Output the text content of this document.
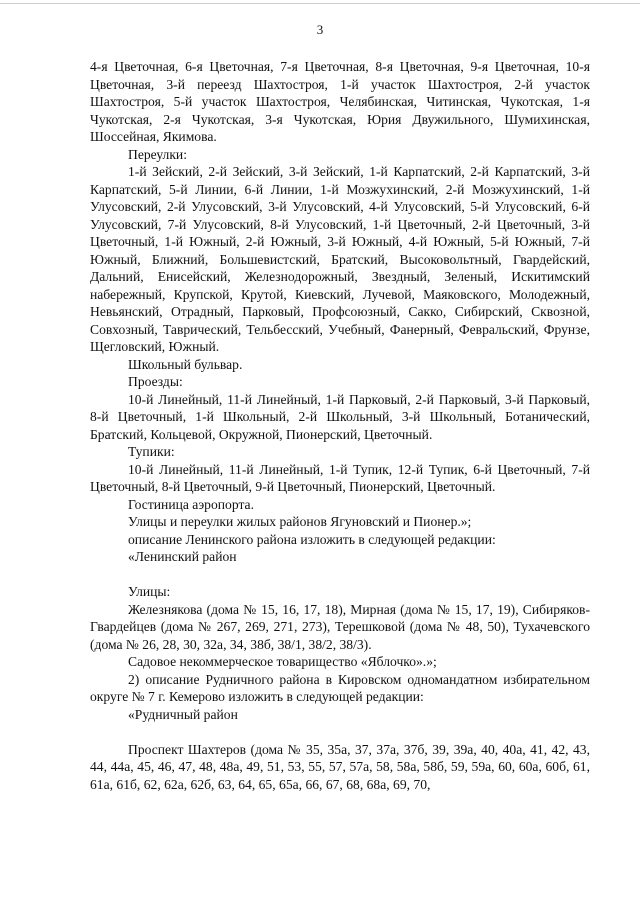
3

4-я Цветочная, 6-я Цветочная, 7-я Цветочная, 8-я Цветочная, 9-я Цветочная, 10-я Цветочная, 3-й переезд Шахтостроя, 1-й участок Шахтостроя, 2-й участок Шахтостроя, 5-й участок Шахтостроя, Челябинская, Читинская, Чукотская, 1-я Чукотская, 2-я Чукотская, 3-я Чукотская, Юрия Двужильного, Шумихинская, Шоссейная, Якимова.

Переулки:

1-й Зейский, 2-й Зейский, 3-й Зейский, 1-й Карпатский, 2-й Карпатский, 3-й Карпатский, 5-й Линии, 6-й Линии, 1-й Мозжухинский, 2-й Мозжухинский, 1-й Улусовский, 2-й Улусовский, 3-й Улусовский, 4-й Улусовский, 5-й Улусовский, 6-й Улусовский, 7-й Улусовский, 8-й Улусовский, 1-й Цветочный, 2-й Цветочный, 3-й Цветочный, 1-й Южный, 2-й Южный, 3-й Южный, 4-й Южный, 5-й Южный, 7-й Южный, Ближний, Большевистский, Братский, Высоковольтный, Гвардейский, Дальний, Енисейский, Железнодорожный, Звездный, Зеленый, Искитимский набережный, Крупской, Крутой, Киевский, Лучевой, Маяковского, Молодежный, Невьянский, Отрадный, Парковый, Профсоюзный, Сакко, Сибирский, Сквозной, Совхозный, Таврический, Тельбесский, Учебный, Фанерный, Февральский, Фрунзе, Щегловский, Южный.

Школьный бульвар.

Проезды:

10-й Линейный, 11-й Линейный, 1-й Парковый, 2-й Парковый, 3-й Парковый, 8-й Цветочный, 1-й Школьный, 2-й Школьный, 3-й Школьный, Ботанический, Братский, Кольцевой, Окружной, Пионерский, Цветочный.

Тупики:

10-й Линейный, 11-й Линейный, 1-й Тупик, 12-й Тупик, 6-й Цветочный, 7-й Цветочный, 8-й Цветочный, 9-й Цветочный, Пионерский, Цветочный.

Гостиница аэропорта.

Улицы и переулки жилых районов Ягуновский и Пионер.»;

описание Ленинского района изложить в следующей редакции:

«Ленинский район

Улицы:

Железнякова (дома № 15, 16, 17, 18), Мирная (дома № 15, 17, 19), Сибиряков-Гвардейцев (дома № 267, 269, 271, 273), Терешковой (дома № 48, 50), Тухачевского (дома № 26, 28, 30, 32а, 34, 38б, 38/1, 38/2, 38/3).

Садовое некоммерческое товарищество «Яблочко».»;

2) описание Рудничного района в Кировском одномандатном избирательном округе № 7 г. Кемерово изложить в следующей редакции:

«Рудничный район

Проспект Шахтеров (дома № 35, 35а, 37, 37а, 37б, 39, 39а, 40, 40а, 41, 42, 43, 44, 44а, 45, 46, 47, 48, 48а, 49, 51, 53, 55, 57, 57а, 58, 58а, 58б, 59, 59а, 60, 60а, 60б, 61, 61а, 61б, 62, 62а, 62б, 63, 64, 65, 65а, 66, 67, 68, 68а, 69, 70,
